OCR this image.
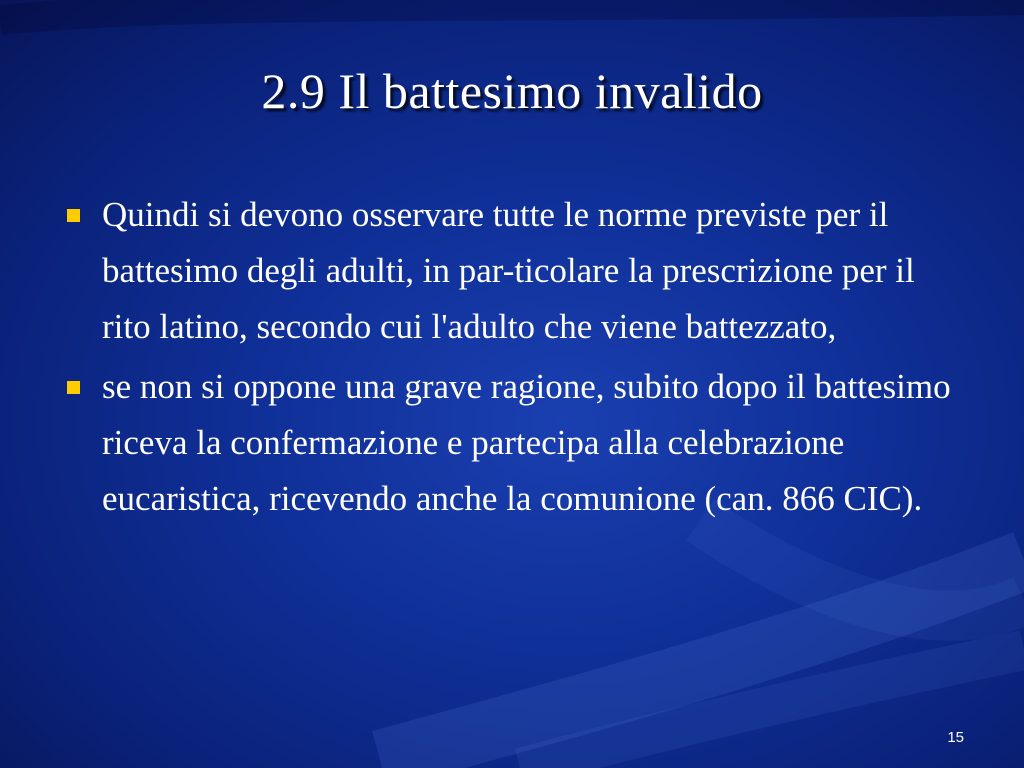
2.9 Il battesimo invalido
Quindi si devono osservare tutte le norme previste per il battesimo degli adulti, in par-ticolare la prescrizione per il rito latino, secondo cui l'adulto che viene battezzato,
se non si oppone una grave ragione, subito dopo il battesimo riceva la confermazione e partecipa alla celebrazione eucaristica, ricevendo anche la comunione (can. 866 CIC).
15
